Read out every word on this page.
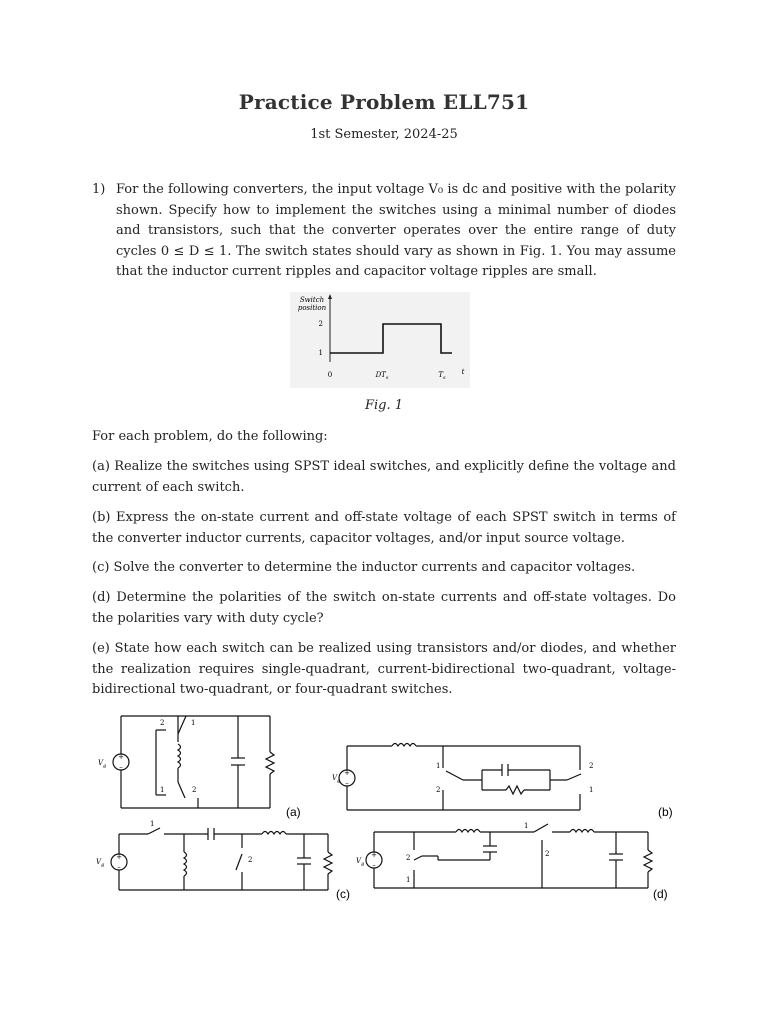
Practice Problem ELL751
1st Semester, 2024-25
1) For the following converters, the input voltage V₀ is dc and positive with the polarity shown. Specify how to implement the switches using a minimal number of diodes and transistors, such that the converter operates over the entire range of duty cycles 0 ≤ D ≤ 1. The switch states should vary as shown in Fig. 1. You may assume that the inductor current ripples and capacitor voltage ripples are small.
Switch
position
2
1
0	$DT_s$	$T_s$
t
Fig. 1
For each problem, do the following:
(a) Realize the switches using SPST ideal switches, and explicitly define the voltage and current of each switch.
(b) Express the on-state current and off-state voltage of each SPST switch in terms of the converter inductor currents, capacitor voltages, and/or input source voltage.
(c) Solve the converter to determine the inductor currents and capacitor voltages.
(d) Determine the polarities of the switch on-state currents and off-state voltages. Do the polarities vary with duty cycle?
(e) State how each switch can be realized using transistors and/or diodes, and whether the realization requires single-quadrant, current-bidirectional two-quadrant, voltage-bidirectional two-quadrant, or four-quadrant switches.
+
–
$V_g$
2	1
1	2
(a)
+
–
$V_g$
1
2
2
1
(b)
+
–
$V_g$
1
2
(c)
+
–
$V_g$
2
1
1
2
(d)
